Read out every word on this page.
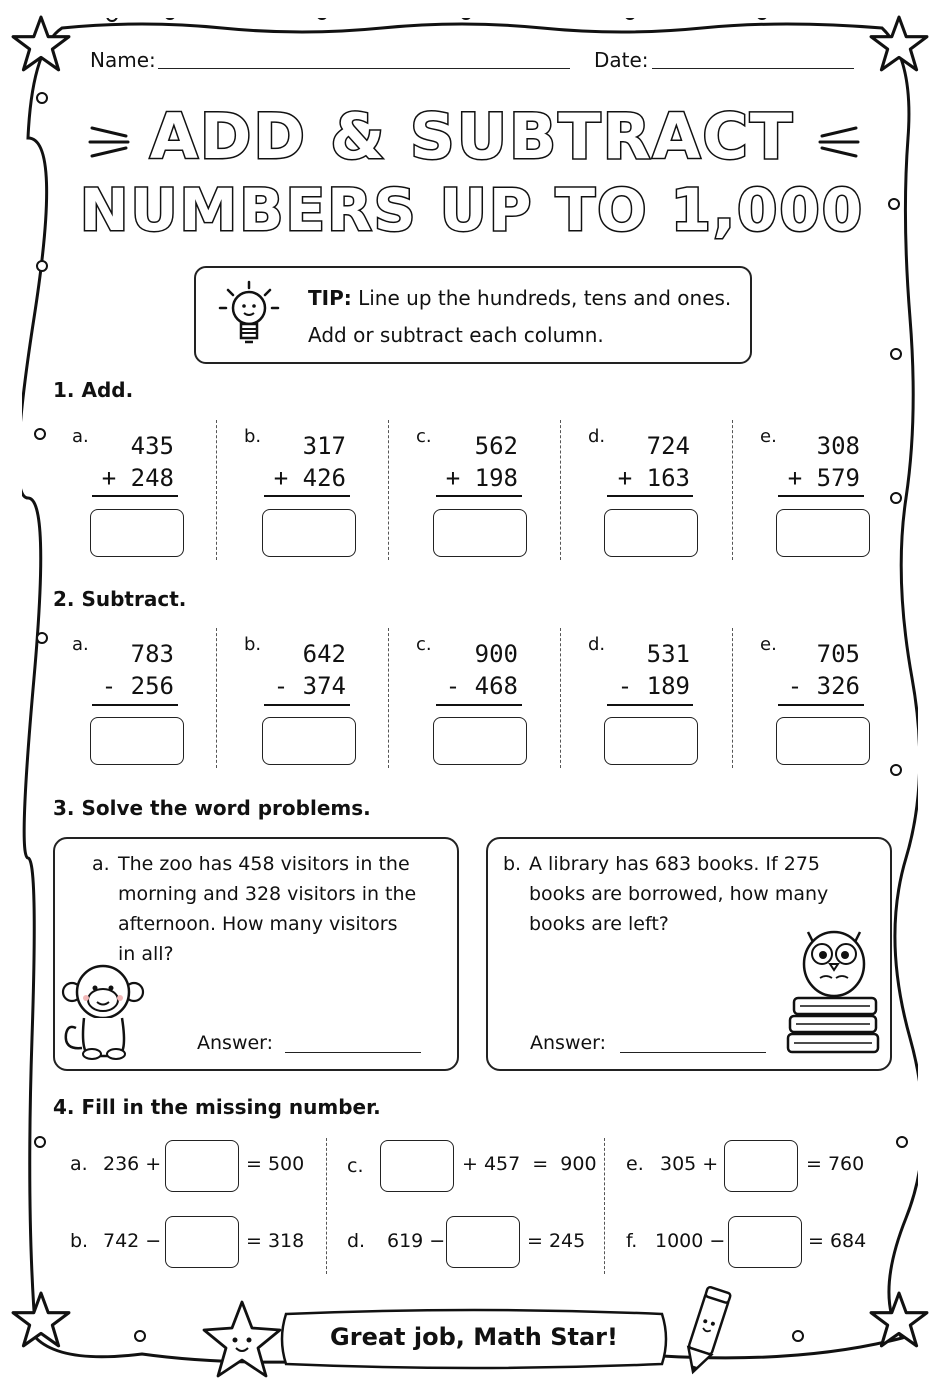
Name:	Date:
ADD & SUBTRACT
NUMBERS UP TO 1,000
TIP: Line up the hundreds, tens and ones.
Add or subtract each column.
1. Add.
a.	435
+ 248
b.	317
+ 426
c.	562
+ 198
d.	724
+ 163
e.	308
+ 579
2. Subtract.
a.	783
- 256
b.	642
- 374
c.	900
- 468
d.	531
- 189
e.	705
- 326
3. Solve the word problems.
a. The zoo has 458 visitors in the
morning and 328 visitors in the
afternoon. How many visitors
in all?
Answer:
b. A library has 683 books. If 275
books are borrowed, how many
books are left?
Answer:
4. Fill in the missing number.
a. 236 +	= 500
b. 742 −	= 318
c.	+ 457  =  900
d. 619 −	= 245
e. 305 +	= 760
f. 1000 −	= 684
Great job, Math Star!
